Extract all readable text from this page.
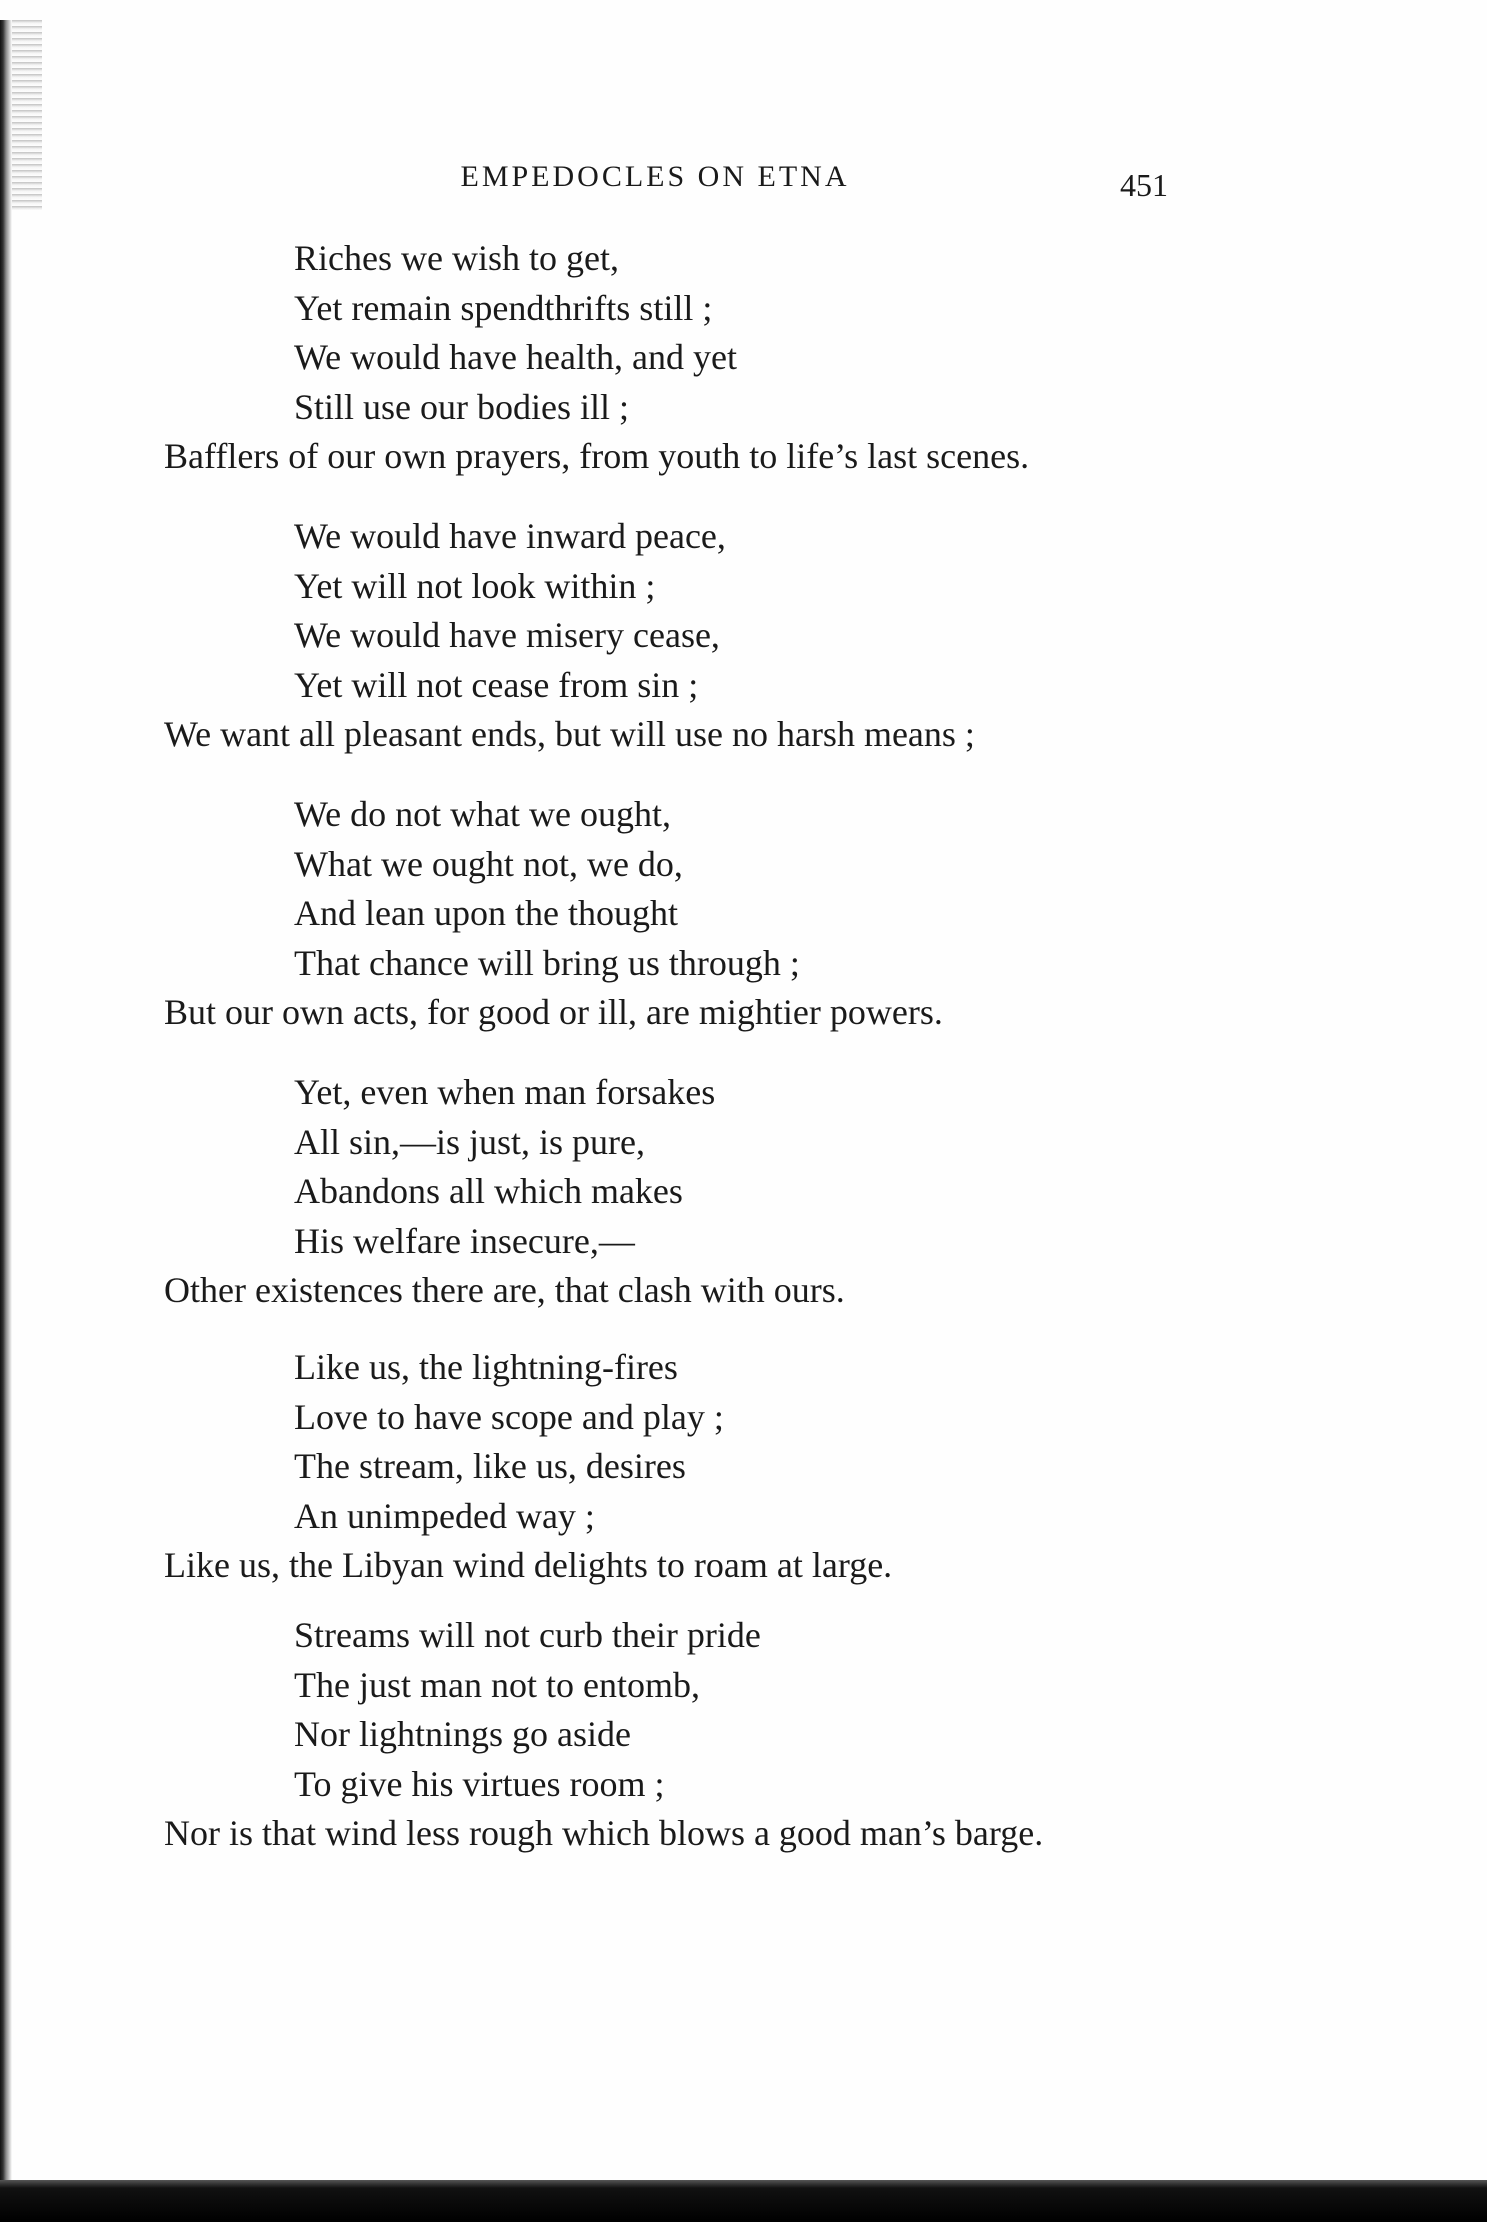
EMPEDOCLES ON ETNA	451
Riches we wish to get,
Yet remain spendthrifts still ;
We would have health, and yet
Still use our bodies ill ;
Bafflers of our own prayers, from youth to life’s last scenes.
We would have inward peace,
Yet will not look within ;
We would have misery cease,
Yet will not cease from sin ;
We want all pleasant ends, but will use no harsh means ;
We do not what we ought,
What we ought not, we do,
And lean upon the thought
That chance will bring us through ;
But our own acts, for good or ill, are mightier powers.
Yet, even when man forsakes
All sin,—is just, is pure,
Abandons all which makes
His welfare insecure,—
Other existences there are, that clash with ours.
Like us, the lightning-fires
Love to have scope and play ;
The stream, like us, desires
An unimpeded way ;
Like us, the Libyan wind delights to roam at large.
Streams will not curb their pride
The just man not to entomb,
Nor lightnings go aside
To give his virtues room ;
Nor is that wind less rough which blows a good man’s barge.
